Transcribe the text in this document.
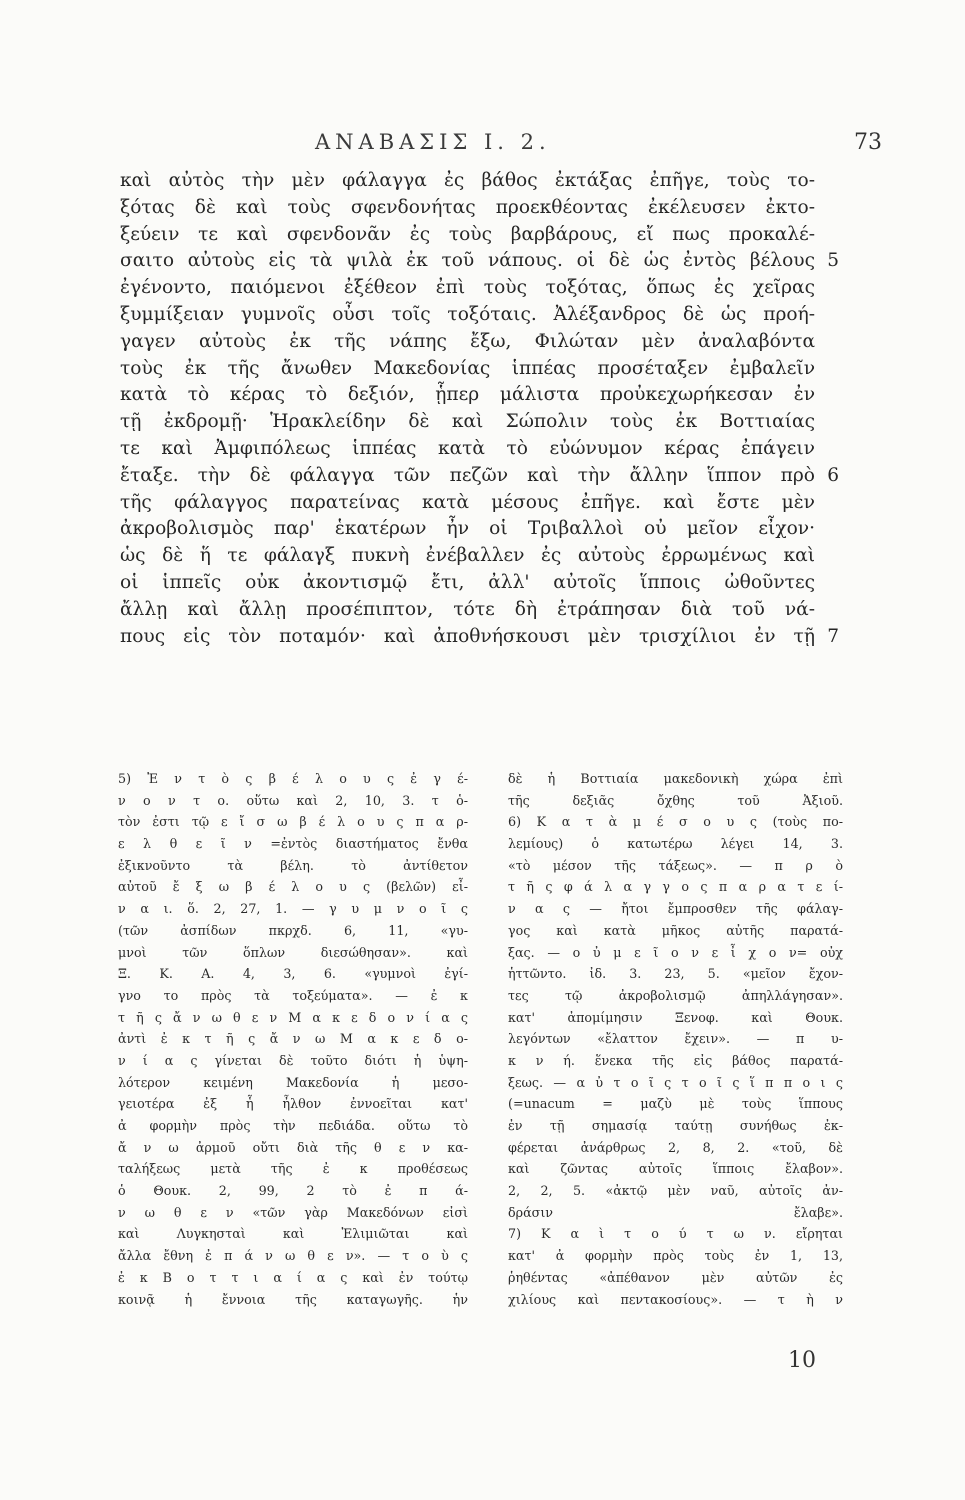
ΑΝΑΒΑΣΙΣ Ι. 2.	73
καὶ αὐτὸς τὴν μὲν φάλαγγα ἐς βάθος ἐκτάξας ἐπῆγε, τοὺς το-
ξότας δὲ καὶ τοὺς σφενδονήτας προεκθέοντας ἐκέλευσεν ἐκτο-
ξεύειν τε καὶ σφενδονᾶν ἐς τοὺς βαρβάρους, εἴ πως προκαλέ-
σαιτο αὐτοὺς εἰς τὰ ψιλὰ ἐκ τοῦ νάπους. οἱ δὲ ὡς ἐντὸς βέλους 5
ἐγένοντο, παιόμενοι ἐξέθεον ἐπὶ τοὺς τοξότας, ὅπως ἐς χεῖρας
ξυμμίξειαν γυμνοῖς οὖσι τοῖς τοξόταις. Ἀλέξανδρος δὲ ὡς προή-
γαγεν αὐτοὺς ἐκ τῆς νάπης ἔξω, Φιλώταν μὲν ἀναλαβόντα
τοὺς ἐκ τῆς ἄνωθεν Μακεδονίας ἱππέας προσέταξεν ἐμβαλεῖν
κατὰ τὸ κέρας τὸ δεξιόν, ᾗπερ μάλιστα προὐκεχωρήκεσαν ἐν
τῇ ἐκδρομῇ· Ἡρακλείδην δὲ καὶ Σώπολιν τοὺς ἐκ Βοττιαίας
τε καὶ Ἀμφιπόλεως ἱππέας κατὰ τὸ εὐώνυμον κέρας ἐπάγειν
ἔταξε. τὴν δὲ φάλαγγα τῶν πεζῶν καὶ τὴν ἄλλην ἵππον πρὸ 6
τῆς φάλαγγος παρατείνας κατὰ μέσους ἐπῆγε. καὶ ἔστε μὲν
ἀκροβολισμὸς παρ' ἑκατέρων ἦν οἱ Τριβαλλοὶ οὐ μεῖον εἶχον·
ὡς δὲ ἥ τε φάλαγξ πυκνὴ ἐνέβαλλεν ἐς αὐτοὺς ἐρρωμένως καὶ
οἱ ἱππεῖς οὐκ ἀκοντισμῷ ἔτι, ἀλλ' αὐτοῖς ἵπποις ὠθοῦντες
ἄλλῃ καὶ ἄλλῃ προσέπιπτον, τότε δὴ ἐτράπησαν διὰ τοῦ νά-
πους εἰς τὸν ποταμόν· καὶ ἀποθνήσκουσι μὲν τρισχίλιοι ἐν τῇ 7
5) Ἐ ν τ ὸ ς β έ λ ο υ ς ἐ γ έ-
ν ο ν τ ο. οὕτω καὶ 2, 10, 3. τ ὁ-
τὸν ἐστι τῷ ε ἴ σ ω β έ λ ο υ ς π α ρ-
ε λ θ ε ῖ ν =ἐντὸς διαστήματος ἔνθα
ἐξικνοῦντο τὰ βέλη. τὸ ἀντίθετον
αὐτοῦ ἔ ξ ω β έ λ ο υ ς (βελῶν) εἶ-
ν α ι. ὅ. 2, 27, 1. — γ υ μ ν ο ῖ ς
(τῶν ἀσπίδων πκρχδ. 6, 11, «γυ-
μνοὶ τῶν ὅπλων διεσώθησαν». καὶ
Ξ. Κ. Α. 4, 3, 6. «γυμνοὶ ἐγί-
γνο το πρὸς τὰ τοξεύματα». — ἐ κ
τ ῆ ς ἄ ν ω θ ε ν Μ α κ ε δ ο ν ί α ς
ἀντὶ ἐ κ τ ῆ ς ἄ ν ω Μ α κ ε δ ο-
ν ί α ς γίνεται δὲ τοῦτο διότι ἡ ὑψη-
λότερον κειμένη Μακεδονία ἡ μεσο-
γειοτέρα ἐξ ἧ ἦλθον ἐννοεῖται κατ'
ἀ φορμὴν πρὸς τὴν πεδιάδα. οὕτω τὸ
ἄ ν ω ἀρμοῦ οὔτι διὰ τῆς θ ε ν κα-
ταλήξεως μετὰ τῆς ἐ κ προθέσεως
ὁ Θουκ. 2, 99, 2 τὸ ἐ π ά-
ν ω θ ε ν «τῶν γὰρ Μακεδόνων εἰσὶ
καὶ Λυγκησταὶ καὶ Ἐλιμιῶται καὶ
ἄλλα ἔθνη ἐ π ά ν ω θ ε ν». — τ ο ὺ ς
ἐ κ Β ο τ τ ι α ί α ς καὶ ἐν τούτῳ
κοινᾷ ἡ ἔννοια τῆς καταγωγῆς. ἡν
δὲ ἡ Βοττιαία μακεδονικὴ χώρα ἐπὶ
τῆς δεξιᾶς ὄχθης τοῦ Ἀξιοῦ.
6) Κ α τ ὰ μ έ σ ο υ ς (τοὺς πο-
λεμίους) ὁ κατωτέρω λέγει 14, 3.
«τὸ μέσον τῆς τάξεως». — π ρ ὸ
τ ῆ ς φ ά λ α γ γ ο ς π α ρ α τ ε ί-
ν α ς — ἤτοι ἔμπροσθεν τῆς φάλαγ-
γος καὶ κατὰ μῆκος αὐτῆς παρατά-
ξας. — ο ὐ μ ε ῖ ο ν ε ἶ χ ο ν= οὐχ
ἡττῶντο. ἰδ. 3. 23, 5. «μεῖον ἔχον-
τες τῷ ἀκροβολισμῷ ἀπηλλάγησαν».
κατ' ἀπομίμησιν Ξενοφ. καὶ Θουκ.
λεγόντων «ἔλαττον ἔχειν». — π υ-
κ ν ή. ἕνεκα τῆς εἰς βάθος παρατά-
ξεως. — α ὐ τ ο ῖ ς τ ο ῖ ς ἵ π π ο ι ς
(=unacum = μαζὺ μὲ τοὺς ἵππους
ἐν τῇ σημασίᾳ ταύτῃ συνήθως ἐκ-
φέρεται ἀνάρθρως 2, 8, 2. «τοῦ, δὲ
καὶ ζῶντας αὐτοῖς ἵπποις ἔλαβον».
2, 2, 5. «ἀκτῷ μὲν ναῦ, αὐτοῖς ἀν-
δράσιν ἔλαβε».
7) Κ α ὶ τ ο ύ τ ω ν. εἴρηται
κατ' ἀ φορμὴν πρὸς τοὺς ἐν 1, 13,
ῥηθέντας «ἀπέθανον μὲν αὐτῶν ἐς
χιλίους καὶ πεντακοσίους». — τ ὴ ν
10
